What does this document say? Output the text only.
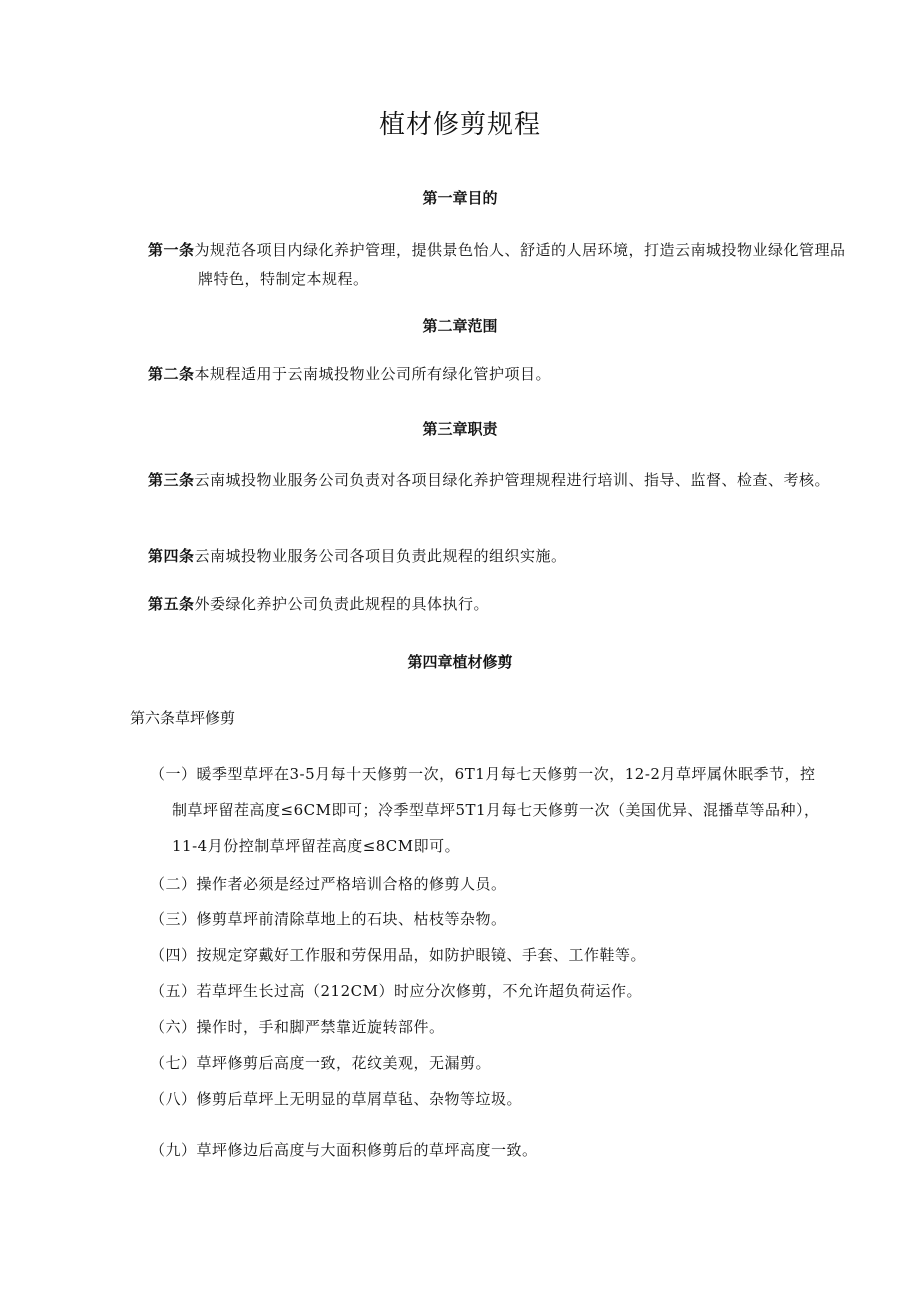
植材修剪规程
第一章目的
第一条为规范各项目内绿化养护管理，提供景色怡人、舒适的人居环境，打造云南城投物业绿化管理品牌特色，特制定本规程。
第二章范围
第二条本规程适用于云南城投物业公司所有绿化管护项目。
第三章职责
第三条云南城投物业服务公司负责对各项目绿化养护管理规程进行培训、指导、监督、检查、考核。
第四条云南城投物业服务公司各项目负责此规程的组织实施。
第五条外委绿化养护公司负责此规程的具体执行。
第四章植材修剪
第六条草坪修剪
（一）暖季型草坪在3-5月每十天修剪一次，6T1月每七天修剪一次，12-2月草坪属休眠季节，控制草坪留茬高度≤6CM即可；冷季型草坪5T1月每七天修剪一次（美国优异、混播草等品种），11-4月份控制草坪留茬高度≤8CM即可。
（二）操作者必须是经过严格培训合格的修剪人员。
（三）修剪草坪前清除草地上的石块、枯枝等杂物。
（四）按规定穿戴好工作服和劳保用品，如防护眼镜、手套、工作鞋等。
（五）若草坪生长过高（212CM）时应分次修剪，不允许超负荷运作。
（六）操作时，手和脚严禁靠近旋转部件。
（七）草坪修剪后高度一致，花纹美观，无漏剪。
（八）修剪后草坪上无明显的草屑草毡、杂物等垃圾。
（九）草坪修边后高度与大面积修剪后的草坪高度一致。
